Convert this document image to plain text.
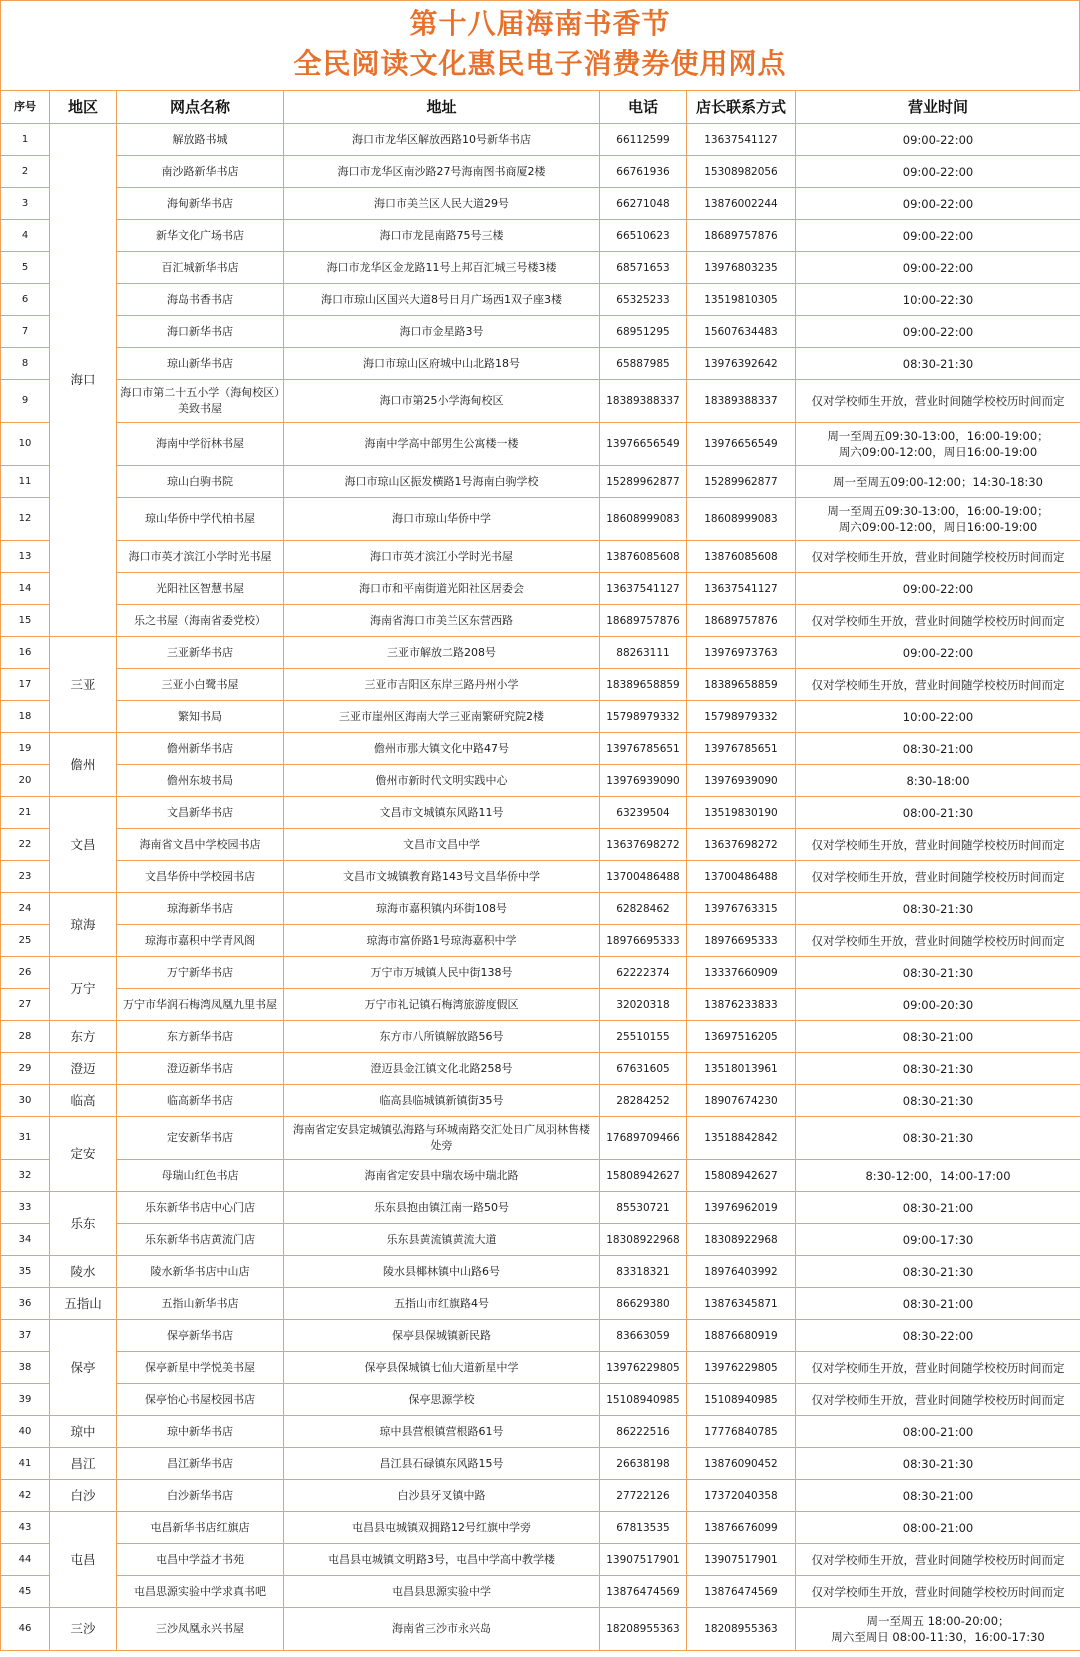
第十八届海南书香节
全民阅读文化惠民电子消费券使用网点
序号	地区	网点名称	地址	电话	店长联系方式	营业时间
1	海口	解放路书城	海口市龙华区解放西路10号新华书店	66112599	13637541127	09:00-22:00
2		南沙路新华书店	海口市龙华区南沙路27号海南图书商厦2楼	66761936	15308982056	09:00-22:00
3		海甸新华书店	海口市美兰区人民大道29号	66271048	13876002244	09:00-22:00
4		新华文化广场书店	海口市龙昆南路75号三楼	66510623	18689757876	09:00-22:00
5		百汇城新华书店	海口市龙华区金龙路11号上邦百汇城三号楼3楼	68571653	13976803235	09:00-22:00
6		海岛书香书店	海口市琼山区国兴大道8号日月广场西1双子座3楼	65325233	13519810305	10:00-22:30
7		海口新华书店	海口市金星路3号	68951295	15607634483	09:00-22:00
8		琼山新华书店	海口市琼山区府城中山北路18号	65887985	13976392642	08:30-21:30
9		海口市第二十五小学（海甸校区）美致书屋	海口市第25小学海甸校区	18389388337	18389388337	仅对学校师生开放，营业时间随学校校历时间而定
10		海南中学衍林书屋	海南中学高中部男生公寓楼一楼	13976656549	13976656549	周一至周五09:30-13:00，16:00-19:00；
周六09:00-12:00，周日16:00-19:00

11		琼山白驹书院	海口市琼山区振发横路1号海南白驹学校	15289962877	15289962877	周一至周五09:00-12:00；14:30-18:30
12		琼山华侨中学代柏书屋	海口市琼山华侨中学	18608999083	18608999083	周一至周五09:30-13:00，16:00-19:00；
周六09:00-12:00，周日16:00-19:00

13		海口市英才滨江小学时光书屋	海口市英才滨江小学时光书屋	13876085608	13876085608	仅对学校师生开放，营业时间随学校校历时间而定
14		光阳社区智慧书屋	海口市和平南街道光阳社区居委会	13637541127	13637541127	09:00-22:00
15		乐之书屋（海南省委党校）	海南省海口市美兰区东营西路	18689757876	18689757876	仅对学校师生开放，营业时间随学校校历时间而定
16	三亚	三亚新华书店	三亚市解放二路208号	88263111	13976973763	09:00-22:00
17		三亚小白鹭书屋	三亚市吉阳区东岸三路丹州小学	18389658859	18389658859	仅对学校师生开放，营业时间随学校校历时间而定
18		繁知书局	三亚市崖州区海南大学三亚南繁研究院2楼	15798979332	15798979332	10:00-22:00
19	儋州	儋州新华书店	儋州市那大镇文化中路47号	13976785651	13976785651	08:30-21:00
20		儋州东坡书局	儋州市新时代文明实践中心	13976939090	13976939090	8:30-18:00
21	文昌	文昌新华书店	文昌市文城镇东风路11号	63239504	13519830190	08:00-21:30
22		海南省文昌中学校园书店	文昌市文昌中学	13637698272	13637698272	仅对学校师生开放，营业时间随学校校历时间而定
23		文昌华侨中学校园书店	文昌市文城镇教育路143号文昌华侨中学	13700486488	13700486488	仅对学校师生开放，营业时间随学校校历时间而定
24	琼海	琼海新华书店	琼海市嘉积镇内环街108号	62828462	13976763315	08:30-21:30
25		琼海市嘉积中学青风阁	琼海市富侨路1号琼海嘉积中学	18976695333	18976695333	仅对学校师生开放，营业时间随学校校历时间而定
26	万宁	万宁新华书店	万宁市万城镇人民中街138号	62222374	13337660909	08:30-21:30
27		万宁市华润石梅湾凤凰九里书屋	万宁市礼记镇石梅湾旅游度假区	32020318	13876233833	09:00-20:30
28	东方	东方新华书店	东方市八所镇解放路56号	25510155	13697516205	08:30-21:00
29	澄迈	澄迈新华书店	澄迈县金江镇文化北路258号	67631605	13518013961	08:30-21:30
30	临高	临高新华书店	临高县临城镇新镇街35号	28284252	18907674230	08:30-21:30
31	定安	定安新华书店	海南省定安县定城镇弘海路与环城南路交汇处日广凤羽林售楼处旁	17689709466	13518842842	08:30-21:30
32		母瑞山红色书店	海南省定安县中瑞农场中瑞北路	15808942627	15808942627	8:30-12:00，14:00-17:00
33	乐东	乐东新华书店中心门店	乐东县抱由镇江南一路50号	85530721	13976962019	08:30-21:00
34		乐东新华书店黄流门店	乐东县黄流镇黄流大道	18308922968	18308922968	09:00-17:30
35	陵水	陵水新华书店中山店	陵水县椰林镇中山路6号	83318321	18976403992	08:30-21:30
36	五指山	五指山新华书店	五指山市红旗路4号	86629380	13876345871	08:30-21:00
37	保亭	保亭新华书店	保亭县保城镇新民路	83663059	18876680919	08:30-22:00
38		保亭新星中学悦美书屋	保亭县保城镇七仙大道新星中学	13976229805	13976229805	仅对学校师生开放，营业时间随学校校历时间而定
39		保亭怡心书屋校园书店	保亭思源学校	15108940985	15108940985	仅对学校师生开放，营业时间随学校校历时间而定
40	琼中	琼中新华书店	琼中县营根镇营根路61号	86222516	17776840785	08:00-21:00
41	昌江	昌江新华书店	昌江县石碌镇东风路15号	26638198	13876090452	08:30-21:30
42	白沙	白沙新华书店	白沙县牙叉镇中路	27722126	17372040358	08:30-21:00
43	屯昌	屯昌新华书店红旗店	屯昌县屯城镇双拥路12号红旗中学旁	67813535	13876676099	08:00-21:00
44		屯昌中学益才书苑	屯昌县屯城镇文明路3号，屯昌中学高中教学楼	13907517901	13907517901	仅对学校师生开放，营业时间随学校校历时间而定
45		屯昌思源实验中学求真书吧	屯昌县思源实验中学	13876474569	13876474569	仅对学校师生开放，营业时间随学校校历时间而定
46	三沙	三沙凤凰永兴书屋	海南省三沙市永兴岛	18208955363	18208955363	周一至周五 18:00-20:00；
周六至周日 08:00-11:30，16:00-17:30
